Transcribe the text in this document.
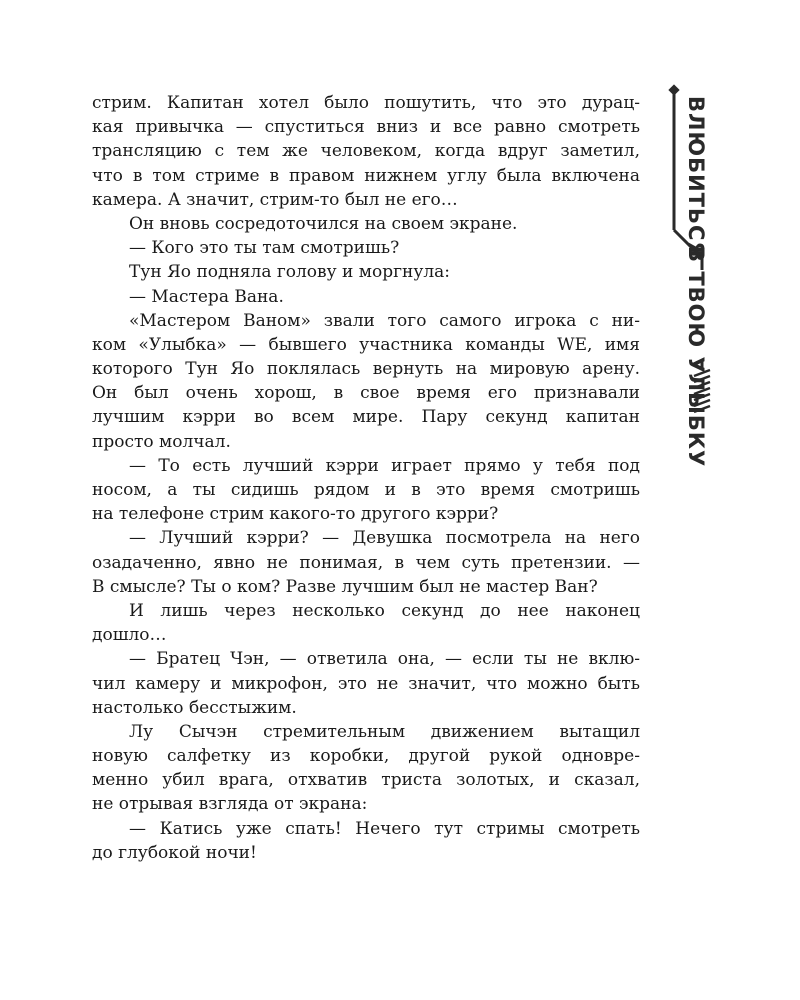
стрим. Капитан хотел было пошутить, что это дурац-
кая привычка — спуститься вниз и все равно смотреть
трансляцию с тем же человеком, когда вдруг заметил,
что в том стриме в правом нижнем углу была включена
камера. А значит, стрим-то был не его…
Он вновь сосредоточился на своем экране.
— Кого это ты там смотришь?
Тун Яо подняла голову и моргнула:
— Мастера Вана.
«Мастером Ваном» звали того самого игрока с ни-
ком «Улыбка» — бывшего участника команды WE, имя
которого Тун Яо поклялась вернуть на мировую арену.
Он был очень хорош, в свое время его признавали
лучшим кэрри во всем мире. Пару секунд капитан
просто молчал.
— То есть лучший кэрри играет прямо у тебя под
носом, а ты сидишь рядом и в это время смотришь
на телефоне стрим какого-то другого кэрри?
— Лучший кэрри? — Девушка посмотрела на него
озадаченно, явно не понимая, в чем суть претензии. —
В смысле? Ты о ком? Разве лучшим был не мастер Ван?
И лишь через несколько секунд до нее наконец
дошло…
— Братец Чэн, — ответила она, — если ты не вклю-
чил камеру и микрофон, это не значит, что можно быть
настолько бесстыжим.
Лу Сычэн стремительным движением вытащил
новую салфетку из коробки, другой рукой одновре-
менно убил врага, отхватив триста золотых, и сказал,
не отрывая взгляда от экрана:
— Катись уже спать! Нечего тут стримы смотреть
до глубокой ночи!
ВЛЮБИТЬСЯ
В ТВОЮ УЛЫБКУ
